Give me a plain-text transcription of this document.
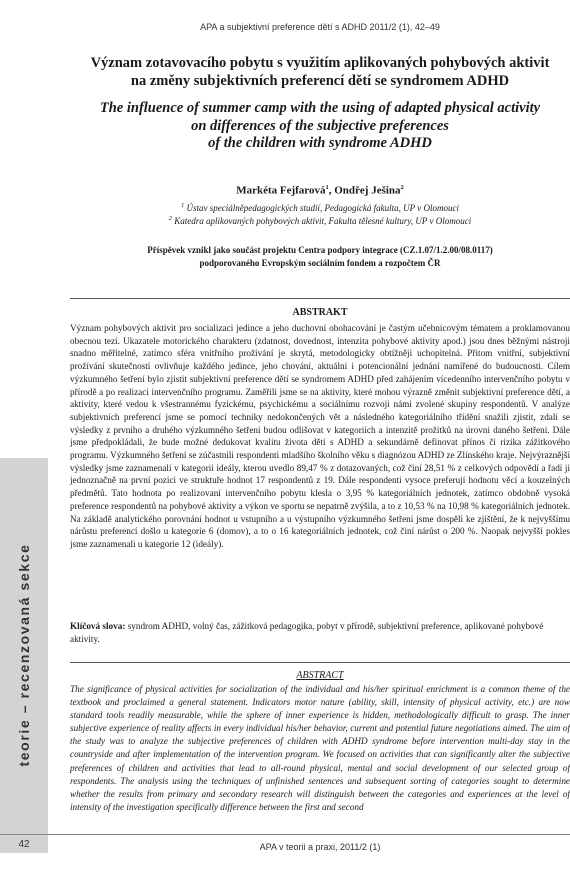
APA a subjektivní preference dětí s ADHD 2011/2 (1), 42–49
Význam zotavovacího pobytu s využitím aplikovaných pohybových aktivit
na změny subjektivních preferencí dětí se syndromem ADHD
The influence of summer camp with the using of adapted physical activity
on differences of the subjective preferences
of the children with syndrome ADHD
Markéta Fejfarová$^1$, Ondřej Ješina$^2$
$^1$ Ústav speciálněpedagogických studií, Pedagogická fakulta, UP v Olomouci
$^2$ Katedra aplikovaných pohybových aktivit, Fakulta tělesné kultury, UP v Olomouci
Příspěvek vznikl jako součást projektu Centra podpory integrace (CZ.1.07/1.2.00/08.0117)
podporovaného Evropským sociálním fondem a rozpočtem ČR
ABSTRAKT
Význam pohybových aktivit pro socializaci jedince a jeho duchovní obohacování je častým učebnicovým tématem a proklamovanou obecnou tezí. Ukazatele motorického charakteru (zdatnost, dovednost, intenzita pohybové aktivity apod.) jsou dnes běžnými nástroji snadno měřitelné, zatímco sféra vnitřního prožívání je skrytá, metodologicky obtížněji uchopitelná. Přitom vnitřní, subjektivní prožívání skutečností ovlivňuje každého jedince, jeho chování, aktuální i potencionální jednání namířené do budoucnosti. Cílem výzkumného šetření bylo zjistit subjektivní preference dětí se syndromem ADHD před zahájením vícedenního intervenčního pobytu v přírodě a po realizaci intervenčního programu. Zaměřili jsme se na aktivity, které mohou výrazně změnit subjektivní preference dětí, a aktivity, které vedou k všestrannému fyzickému, psychickému a sociálnímu rozvoji námi zvolené skupiny respondentů. V analýze subjektivních preferencí jsme se pomocí techniky nedokončených vět a následného kategoriálního třídění snažili zjistit, zdali se výsledky z prvního a druhého výzkumného šetření budou odlišovat v kategoriích a intenzitě prožitků na úrovni daného šetření. Dále jsme předpokládali, že bude možné dedukovat kvalitu života dětí s ADHD a sekundárně definovat přínos či rizika zážitkového programu. Výzkumného šetření se zúčastnili respondenti mladšího školního věku s diagnózou ADHD ze Zlínského kraje. Nejvýraznější výsledky jsme zaznamenali v kategorii ideály, kterou uvedlo 89,47 % z dotazovaných, což činí 28,51 % z celkových odpovědí a řadí ji jednoznačně na první pozici ve struktuře hodnot 17 respondentů z 19. Dále respondenti vysoce preferují hodnotu věcí a kouzelných předmětů. Tato hodnota po realizovaní intervenčního pobytu klesla o 3,95 % kategoriálních jednotek, zatímco obdobně vysoká preference respondentů na pohybové aktivity a výkon ve sportu se nepatrně zvýšila, a to z 10,53 % na 10,98 % kategoriálních jednotek. Na základě analytického porovnání hodnot u vstupního a u výstupního výzkumného šetření jsme dospěli ke zjištění, že k nejvyššímu nárůstu preferencí došlo u kategorie 6 (domov), a to o 16 kategoriálních jednotek, což činí nárůst o 200 %. Naopak nejvyšší pokles jsme zaznamenali u kategorie 12 (ideály).
Klíčová slova: syndrom ADHD, volný čas, zážitková pedagogika, pobyt v přírodě, subjektivní preference, aplikované pohybové aktivity.
ABSTRACT
The significance of physical activities for socialization of the individual and his/her spiritual enrichment is a common theme of the textbook and proclaimed a general statement. Indicators motor nature (ability, skill, intensity of physical activity, etc.) are now standard tools readily measurable, while the sphere of inner experience is hidden, methodologically difficult to grasp. The inner subjective experience of reality affects in every individual his/her behavior, current and potential future negotiations aimed. The aim of the study was to analyze the subjective preferences of children with ADHD syndrome before intervention multi-day stay in the countryside and after implementation of the intervention program. We focused on activities that can significantly alter the subjective preferences of children and activities that lead to all-round physical, mental and social development of our selected group of respondents. The analysis using the techniques of unfinished sentences and subsequent sorting of categories sought to determine whether the results from primary and secondary research will distinguish between the categories and experiences at the level of intensity of the investigation specifically difference between the first and second
teorie – recenzovaná sekce
42	APA v teorii a praxi, 2011/2 (1)
